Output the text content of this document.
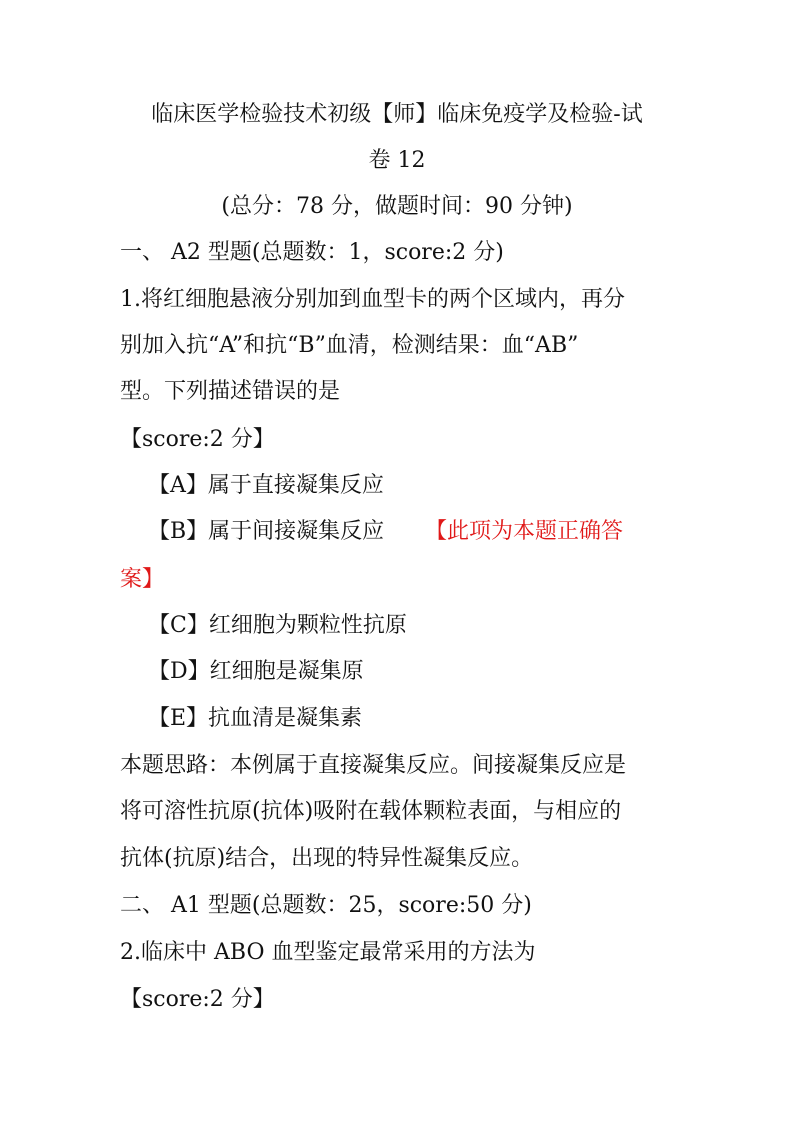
临床医学检验技术初级【师】临床免疫学及检验-试
卷 12
(总分：78 分，做题时间：90 分钟)
一、 A2 型题(总题数：1，score:2 分)
1.将红细胞悬液分别加到血型卡的两个区域内，再分
别加入抗“A”和抗“B”血清，检测结果：血“AB”
型。下列描述错误的是
【score:2 分】
【A】属于直接凝集反应
【B】属于间接凝集反应 【此项为本题正确答
案】
【C】红细胞为颗粒性抗原
【D】红细胞是凝集原
【E】抗血清是凝集素
本题思路：本例属于直接凝集反应。间接凝集反应是
将可溶性抗原(抗体)吸附在载体颗粒表面，与相应的
抗体(抗原)结合，出现的特异性凝集反应。
二、 A1 型题(总题数：25，score:50 分)
2.临床中 ABO 血型鉴定最常采用的方法为
【score:2 分】
